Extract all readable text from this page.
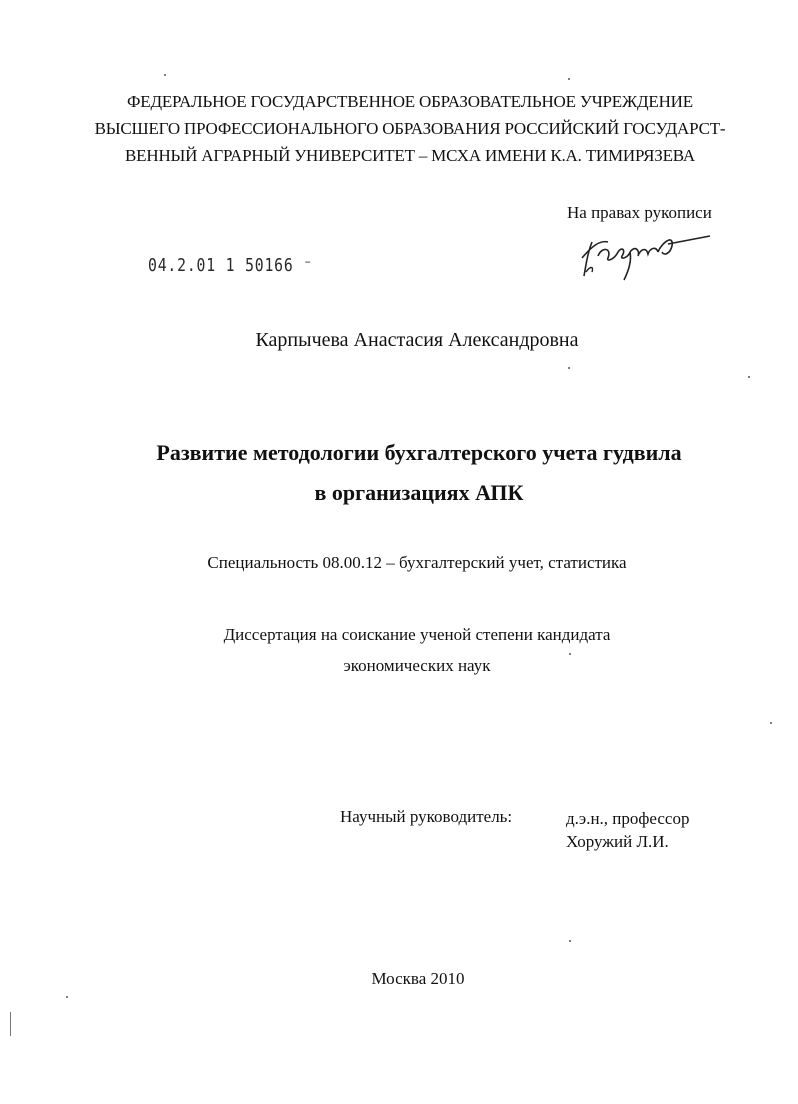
ФЕДЕРАЛЬНОЕ ГОСУДАРСТВЕННОЕ ОБРАЗОВАТЕЛЬНОЕ УЧРЕЖДЕНИЕ
ВЫСШЕГО ПРОФЕССИОНАЛЬНОГО ОБРАЗОВАНИЯ РОССИЙСКИЙ ГОСУДАРСТ-
ВЕННЫЙ АГРАРНЫЙ УНИВЕРСИТЕТ – МСХА ИМЕНИ К.А. ТИМИРЯЗЕВА
На правах рукописи
04.2.01 1 50166 ⁻
Карпычева Анастасия Александровна
Развитие методологии бухгалтерского учета гудвила
в организациях АПК
Специальность 08.00.12 – бухгалтерский учет, статистика
Диссертация на соискание ученой степени кандидата
экономических наук
Научный руководитель:	д.э.н., профессор
Хоружий Л.И.
Москва 2010
